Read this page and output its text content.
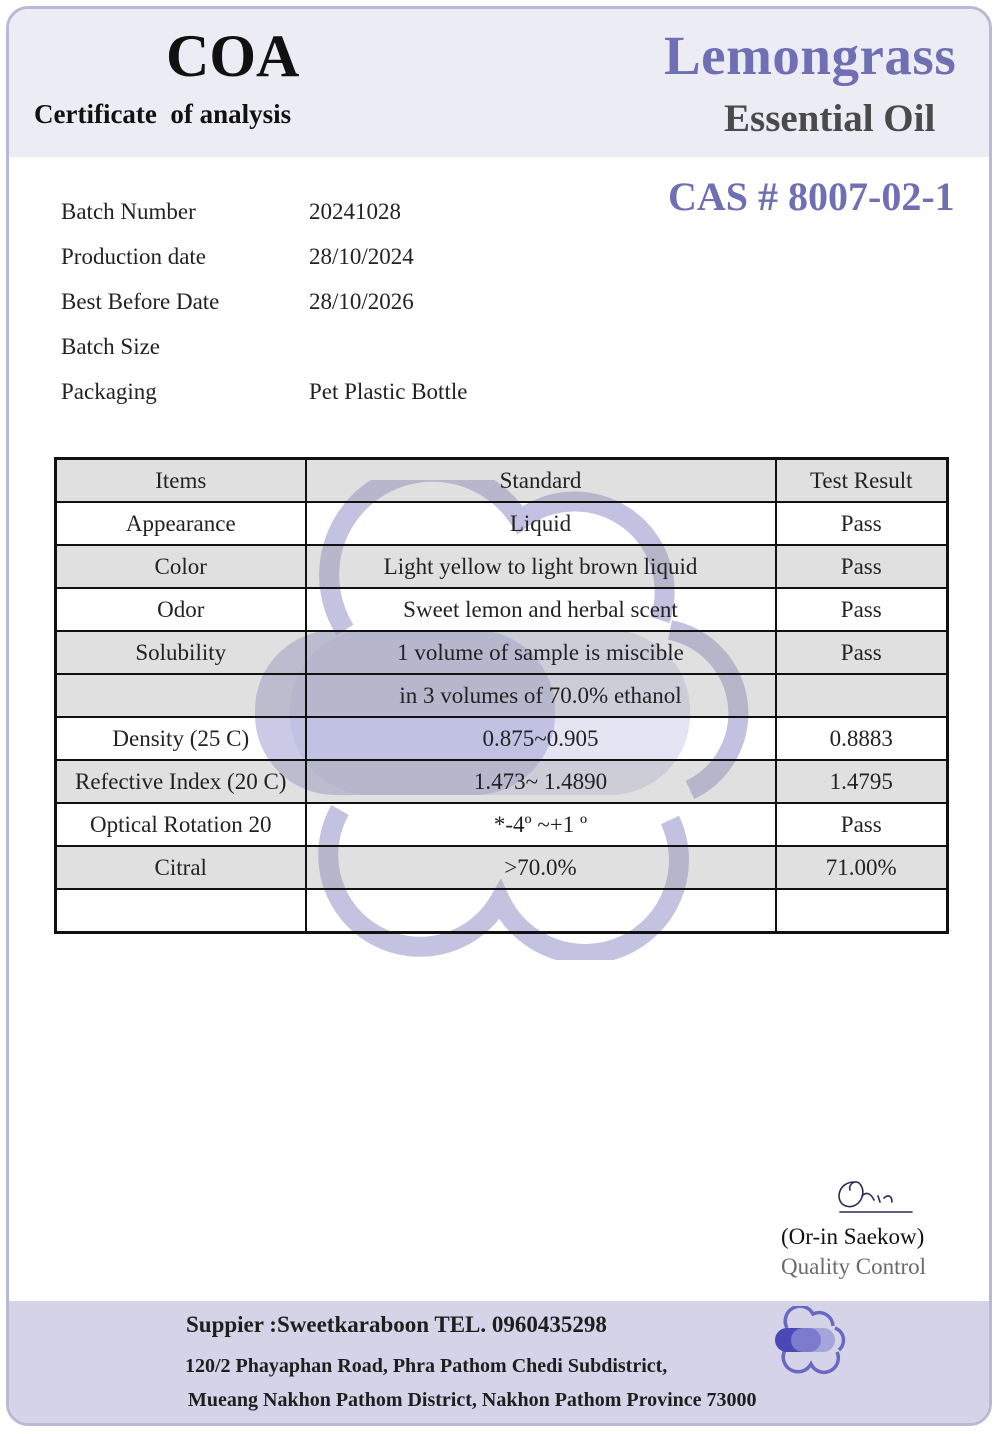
COA
Certificate  of analysis
Lemongrass
Essential Oil
CAS # 8007-02-1
Batch Number	20241028
Production date	28/10/2024
Best Before Date	28/10/2026
Batch Size
Packaging	Pet Plastic Bottle
Items	Standard	Test Result
Appearance	Liquid	Pass
Color	Light yellow to light brown liquid	Pass
Odor	Sweet lemon and herbal scent	Pass
Solubility	1 volume of sample is miscible	Pass
	in 3 volumes of 70.0% ethanol	
Density (25 C)	0.875~0.905	0.8883
Refective Index (20 C)	1.473~ 1.4890	1.4795
Optical Rotation 20	*-4º ~+1 º	Pass
Citral	>70.0%	71.00%

(Or-in Saekow)
Quality Control
Suppier :Sweetkaraboon TEL. 0960435298
120/2 Phayaphan Road, Phra Pathom Chedi Subdistrict,
Mueang Nakhon Pathom District, Nakhon Pathom Province 73000
